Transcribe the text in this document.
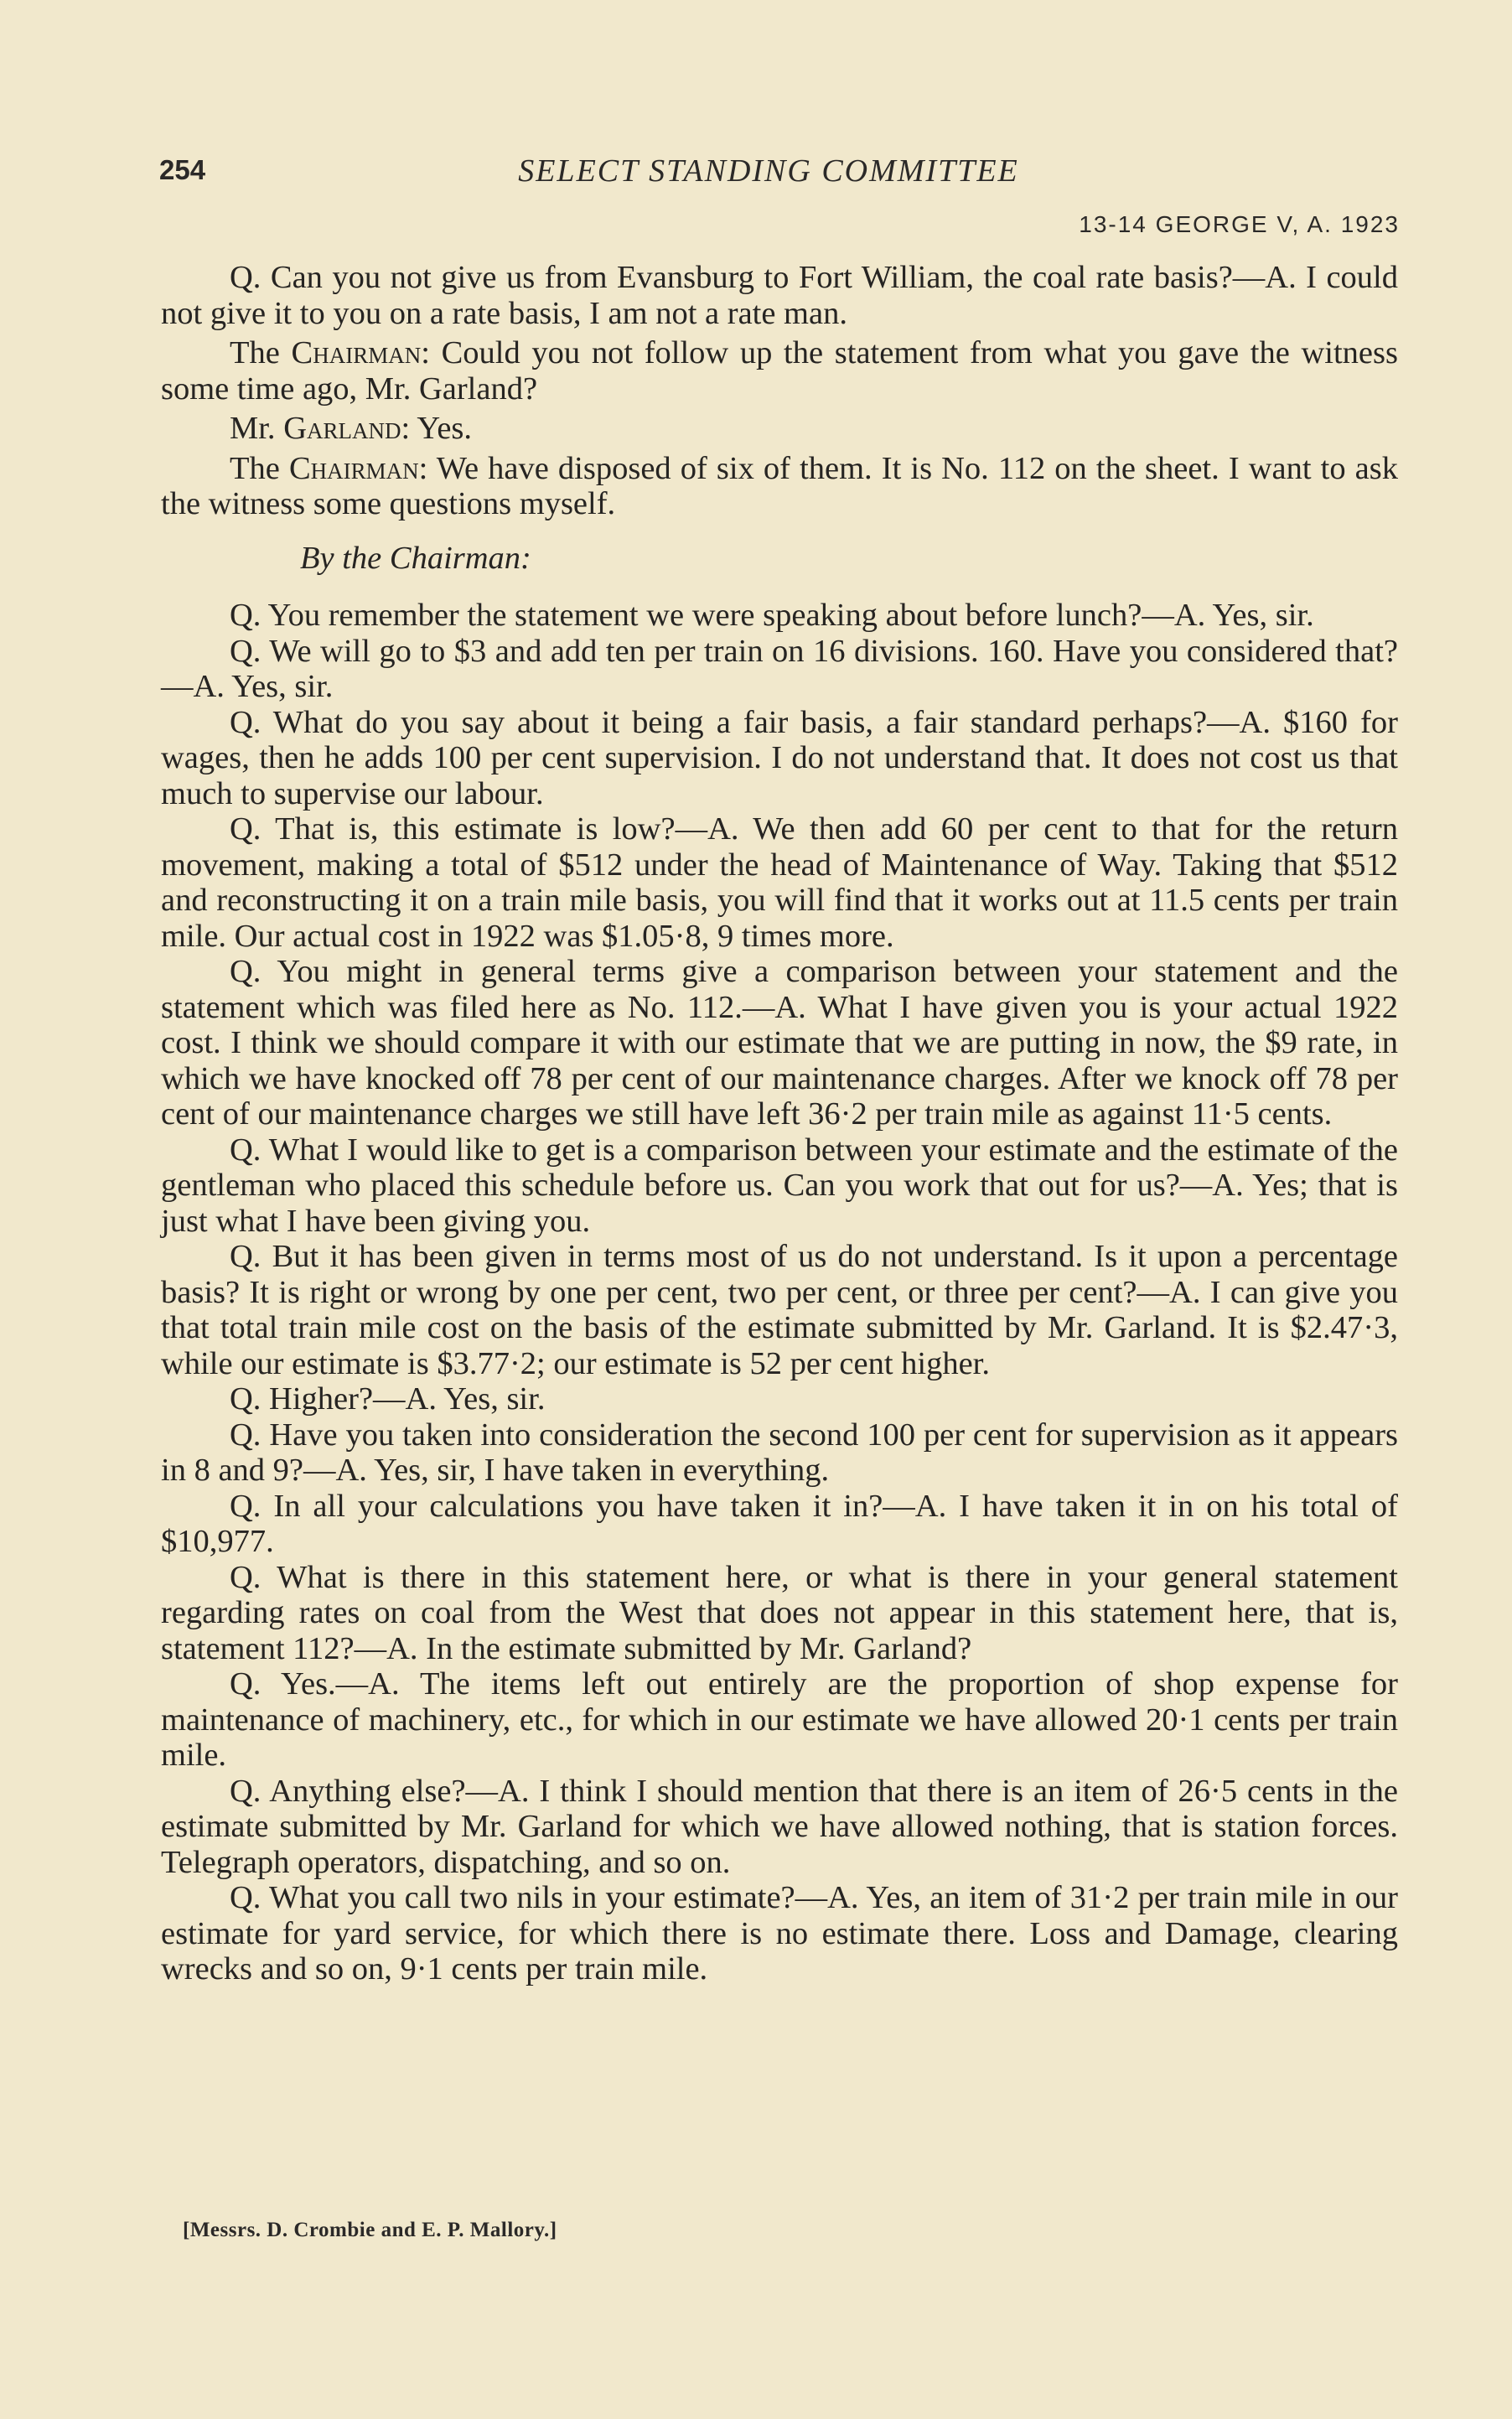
254	SELECT STANDING COMMITTEE
13-14 GEORGE V, A. 1923

Q. Can you not give us from Evansburg to Fort William, the coal rate basis?—A. I could not give it to you on a rate basis, I am not a rate man.

The Chairman: Could you not follow up the statement from what you gave the witness some time ago, Mr. Garland?

Mr. Garland: Yes.

The Chairman: We have disposed of six of them. It is No. 112 on the sheet. I want to ask the witness some questions myself.

By the Chairman:

Q. You remember the statement we were speaking about before lunch?—A. Yes, sir.

Q. We will go to $3 and add ten per train on 16 divisions. 160. Have you considered that?—A. Yes, sir.

Q. What do you say about it being a fair basis, a fair standard perhaps?—A. $160 for wages, then he adds 100 per cent supervision. I do not understand that. It does not cost us that much to supervise our labour.

Q. That is, this estimate is low?—A. We then add 60 per cent to that for the return movement, making a total of $512 under the head of Maintenance of Way. Taking that $512 and reconstructing it on a train mile basis, you will find that it works out at 11.5 cents per train mile. Our actual cost in 1922 was $1.05·8, 9 times more.

Q. You might in general terms give a comparison between your statement and the statement which was filed here as No. 112.—A. What I have given you is your actual 1922 cost. I think we should compare it with our estimate that we are putting in now, the $9 rate, in which we have knocked off 78 per cent of our maintenance charges. After we knock off 78 per cent of our maintenance charges we still have left 36·2 per train mile as against 11·5 cents.

Q. What I would like to get is a comparison between your estimate and the estimate of the gentleman who placed this schedule before us. Can you work that out for us?—A. Yes; that is just what I have been giving you.

Q. But it has been given in terms most of us do not understand. Is it upon a percentage basis? It is right or wrong by one per cent, two per cent, or three per cent?—A. I can give you that total train mile cost on the basis of the estimate submitted by Mr. Garland. It is $2.47·3, while our estimate is $3.77·2; our estimate is 52 per cent higher.

Q. Higher?—A. Yes, sir.

Q. Have you taken into consideration the second 100 per cent for supervision as it appears in 8 and 9?—A. Yes, sir, I have taken in everything.

Q. In all your calculations you have taken it in?—A. I have taken it in on his total of $10,977.

Q. What is there in this statement here, or what is there in your general statement regarding rates on coal from the West that does not appear in this statement here, that is, statement 112?—A. In the estimate submitted by Mr. Garland?

Q. Yes.—A. The items left out entirely are the proportion of shop expense for maintenance of machinery, etc., for which in our estimate we have allowed 20·1 cents per train mile.

Q. Anything else?—A. I think I should mention that there is an item of 26·5 cents in the estimate submitted by Mr. Garland for which we have allowed nothing, that is station forces. Telegraph operators, dispatching, and so on.

Q. What you call two nils in your estimate?—A. Yes, an item of 31·2 per train mile in our estimate for yard service, for which there is no estimate there. Loss and Damage, clearing wrecks and so on, 9·1 cents per train mile.

[Messrs. D. Crombie and E. P. Mallory.]
